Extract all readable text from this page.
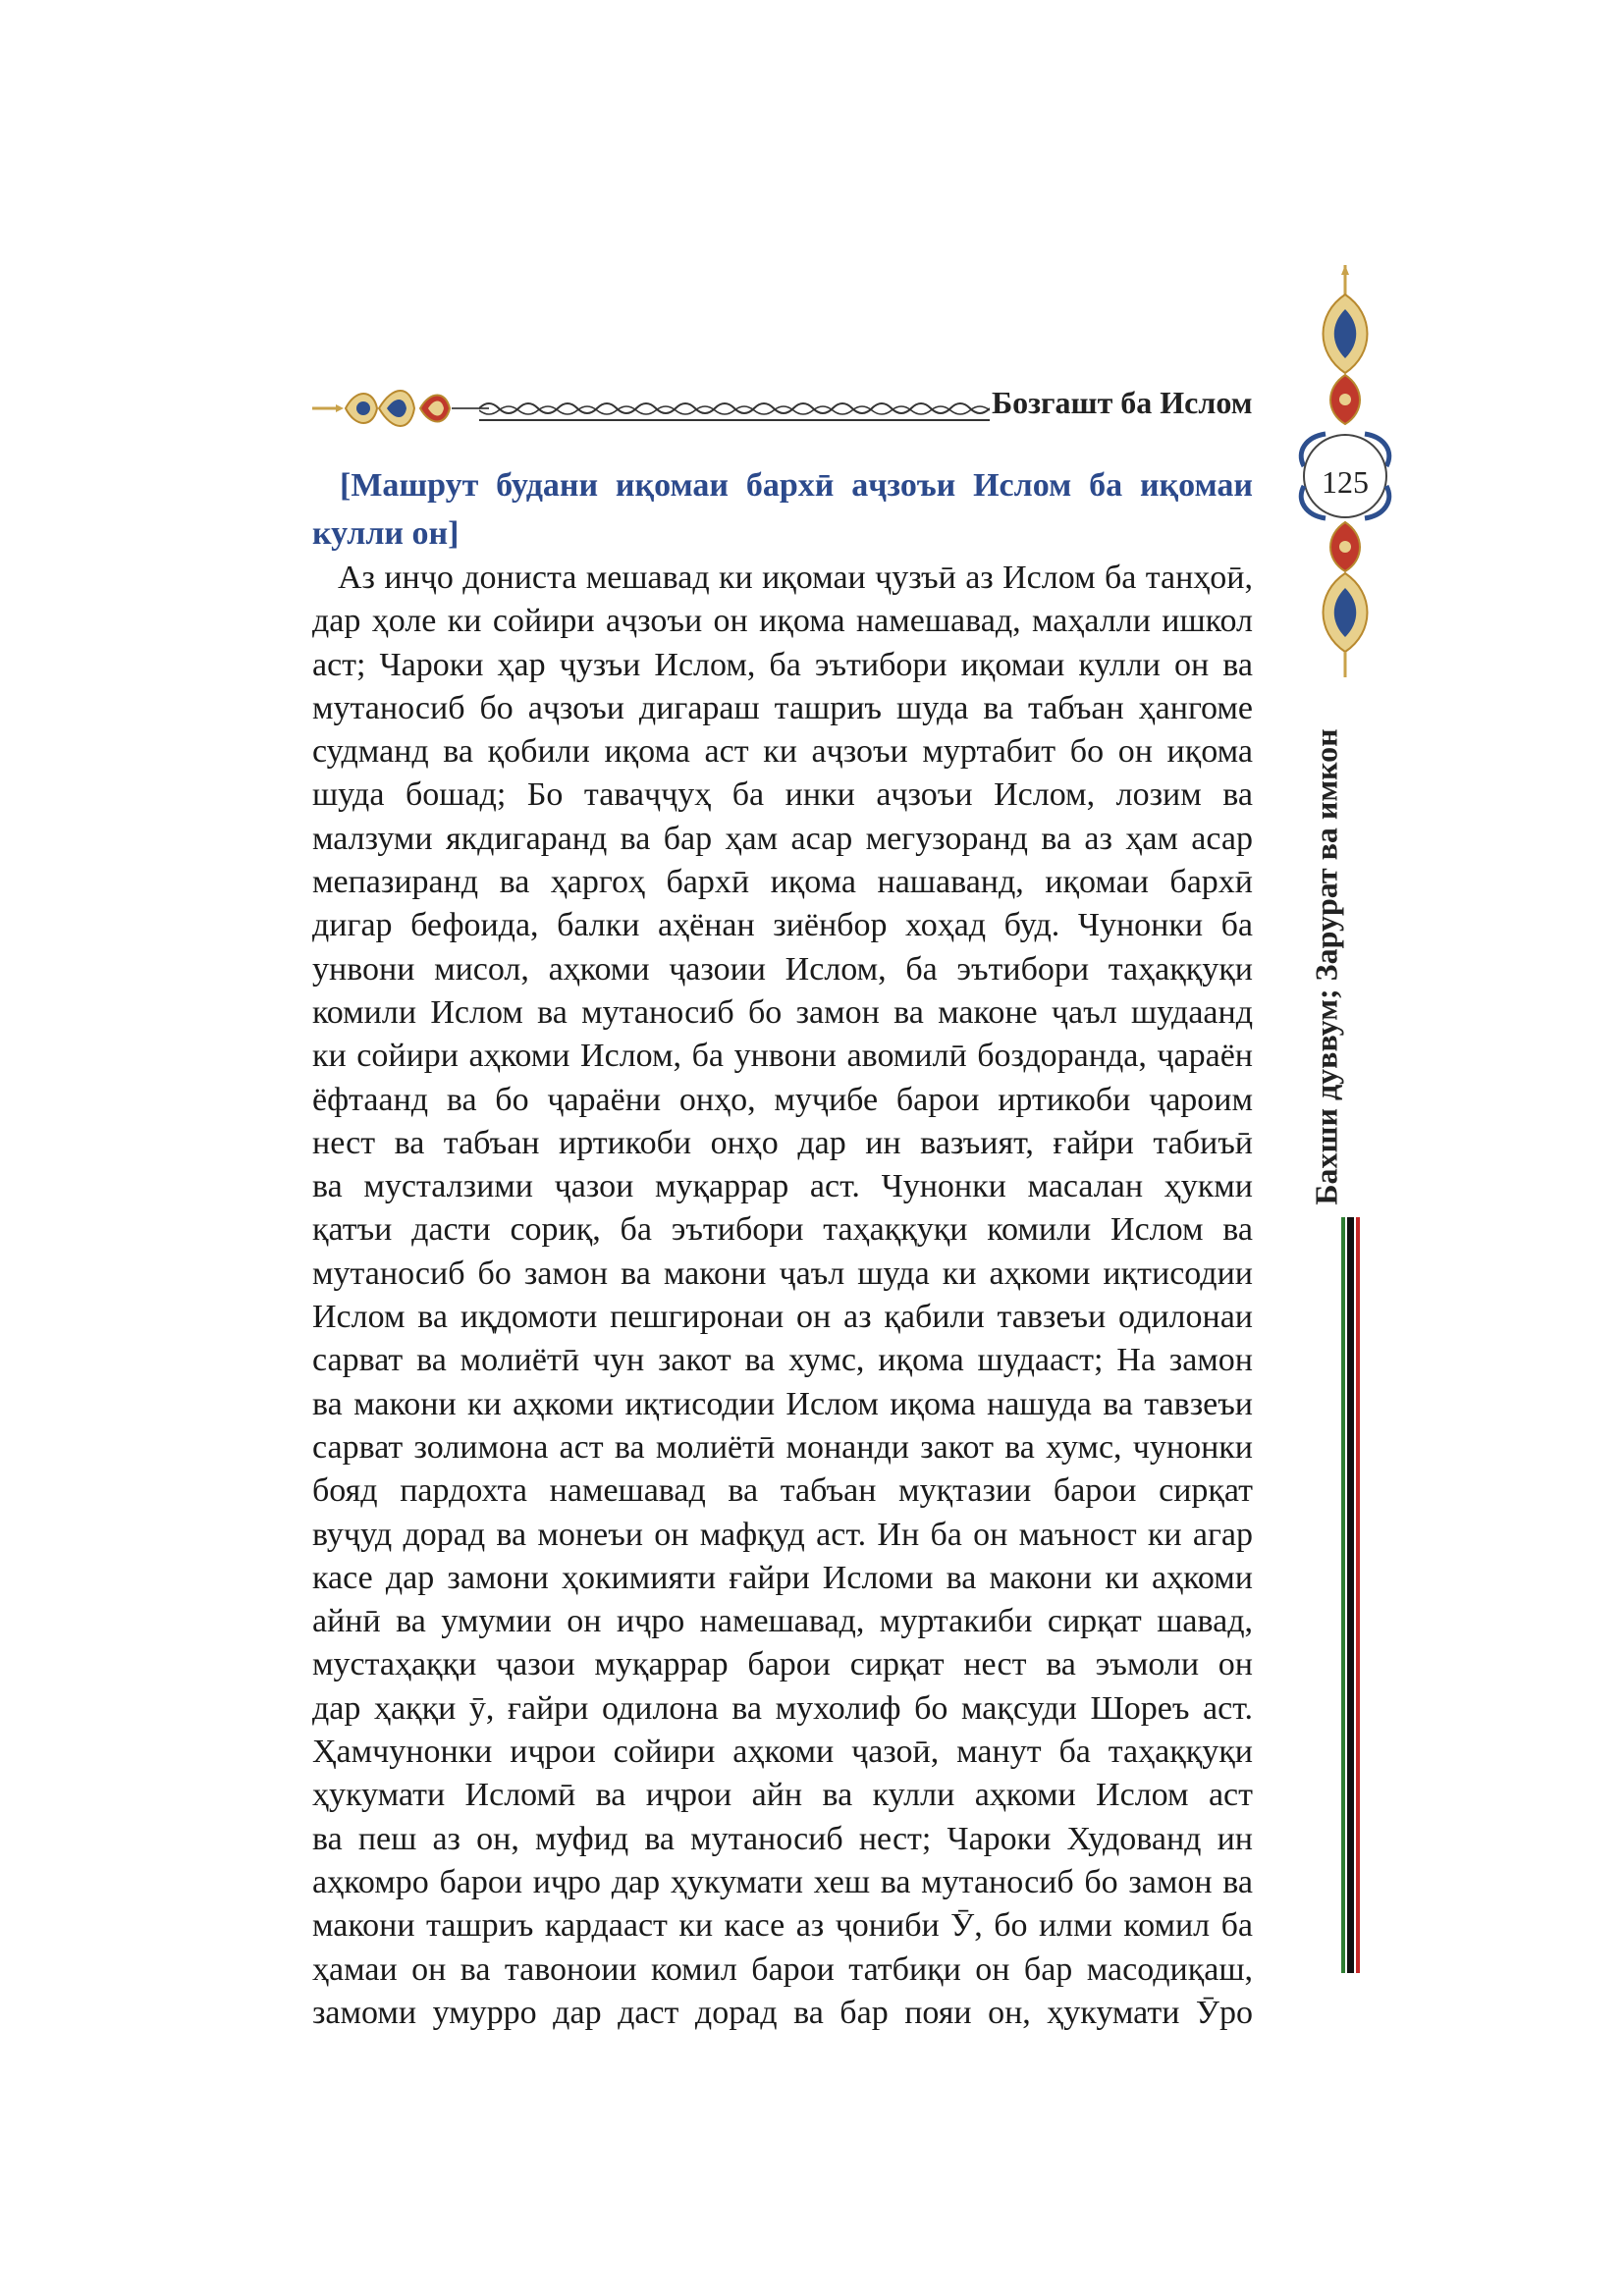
Бозгашт ба Ислом
125
Бахши дуввум; Зарурат ва имкон
[Машрут будани иқомаи бархӣ аҷзоъи Ислом ба иқомаи кулли он]
Аз инҷо дониста мешавад ки иқомаи ҷузъӣ аз Ислом ба танҳоӣ,
дар ҳоле ки сойири аҷзоъи он иқома намешавад, маҳалли ишкол
аст; Чароки ҳар ҷузъи Ислом, ба эътибори иқомаи кулли он ва
мутаносиб бо аҷзоъи дигараш ташриъ шуда ва табъан ҳангоме
судманд ва қобили иқома аст ки аҷзоъи муртабит бо он иқома
шуда бошад; Бо таваҷҷуҳ ба инки аҷзоъи Ислом, лозим ва
малзуми якдигаранд ва бар ҳам асар мегузоранд ва аз ҳам асар
мепазиранд ва ҳаргоҳ бархӣ иқома нашаванд, иқомаи бархӣ
дигар бефоида, балки аҳёнан зиёнбор хоҳад буд. Чунонки ба
унвони мисол, аҳкоми ҷазоии Ислом, ба эътибори таҳаққуқи
комили Ислом ва мутаносиб бо замон ва маконе ҷаъл шудаанд
ки сойири аҳкоми Ислом, ба унвони авомилӣ боздоранда, ҷараён
ёфтаанд ва бо ҷараёни онҳо, муҷибе барои иртикоби ҷароим
нест ва табъан иртикоби онҳо дар ин вазъият, ғайри табиъӣ
ва мусталзими ҷазои муқаррар аст. Чунонки масалан ҳукми
қатъи дасти сориқ, ба эътибори таҳаққуқи комили Ислом ва
мутаносиб бо замон ва макони ҷаъл шуда ки аҳкоми иқтисодии
Ислом ва иқдомоти пешгиронаи он аз қабили тавзеъи одилонаи
сарват ва молиётӣ чун закот ва хумс, иқома шудааст; На замон
ва макони ки аҳкоми иқтисодии Ислом иқома нашуда ва тавзеъи
сарват золимона аст ва молиётӣ монанди закот ва хумс, чунонки
бояд пардохта намешавад ва табъан муқтазии барои сирқат
вуҷуд дорад ва монеъи он мафқуд аст. Ин ба он маъност ки агар
касе дар замони ҳокимияти ғайри Исломи ва макони ки аҳкоми
айнӣ ва умумии он иҷро намешавад, муртакиби сирқат шавад,
мустаҳаққи ҷазои муқаррар барои сирқат нест ва эъмоли он
дар ҳаққи ӯ, ғайри одилона ва мухолиф бо мақсуди Шореъ аст.
Ҳамчунонки иҷрои сойири аҳкоми ҷазоӣ, манут ба таҳаққуқи
ҳукумати Исломӣ ва иҷрои айн ва кулли аҳкоми Ислом аст
ва пеш аз он, муфид ва мутаносиб нест; Чароки Худованд ин
аҳкомро барои иҷро дар ҳукумати хеш ва мутаносиб бо замон ва
макони ташриъ кардааст ки касе аз ҷониби Ӯ, бо илми комил ба
ҳамаи он ва тавоноии комил барои татбиқи он бар масодиқаш,
замоми умурро дар даст дорад ва бар пояи он, ҳукумати Ӯро
